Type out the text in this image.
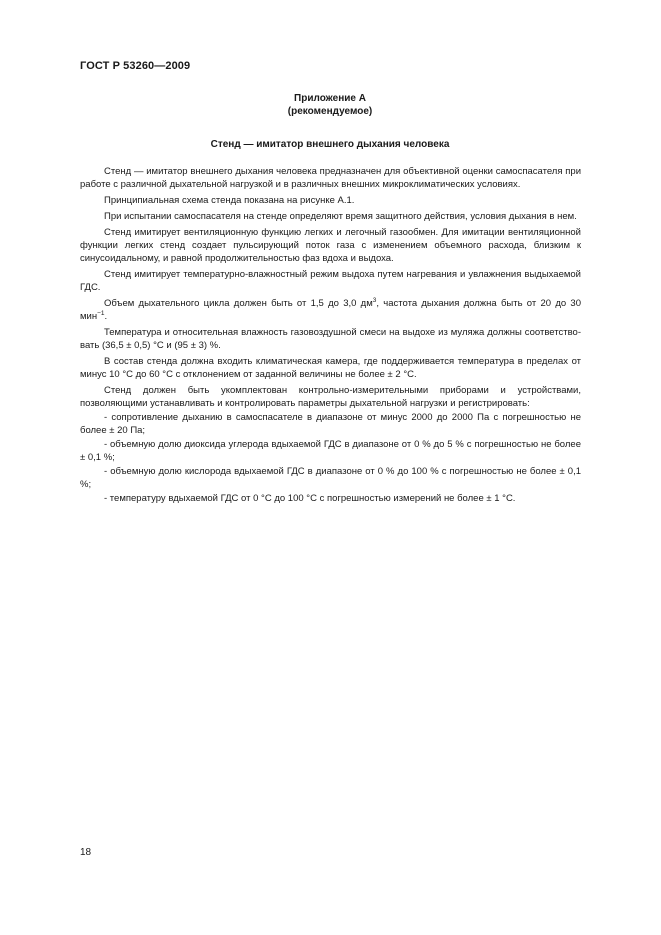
ГОСТ Р 53260—2009
Приложение А
(рекомендуемое)
Стенд — имитатор внешнего дыхания человека

Стенд — имитатор внешнего дыхания человека предназначен для объективной оценки самоспасателя при работе с различной дыхательной нагрузкой и в различных внешних микроклиматических условиях.

Принципиальная схема стенда показана на рисунке А.1.

При испытании самоспасателя на стенде определяют время защитного действия, условия дыхания в нем.

Стенд имитирует вентиляционную функцию легких и легочный газообмен. Для имитации вентиляционной функции легких стенд создает пульсирующий поток газа с изменением объемного расхода, близким к синусоидальному, и равной продолжительностью фаз вдоха и выдоха.

Стенд имитирует температурно-влажностный режим выдоха путем нагревания и увлажнения выдыхаемой ГДС.

Объем дыхательного цикла должен быть от 1,5 до 3,0 $дм^3$, частота дыхания должна быть от 20 до 30 мин$^{-1}$.

Температура и относительная влажность газовоздушной смеси на выдохе из муляжа должны соответствовать (36,5 ± 0,5) °С и (95 ± 3) %.

В состав стенда должна входить климатическая камера, где поддерживается температура в пределах от минус 10 °С до 60 °С с отклонением от заданной величины не более ± 2 °С.

Стенд должен быть укомплектован контрольно-измерительными приборами и устройствами, позволяющими устанавливать и контролировать параметры дыхательной нагрузки и регистрировать:

- сопротивление дыханию в самоспасателе в диапазоне от минус 2000 до 2000 Па с погрешностью не более ± 20 Па;

- объемную долю диоксида углерода вдыхаемой ГДС в диапазоне от 0 % до 5 % с погрешностью не более ± 0,1 %;

- объемную долю кислорода вдыхаемой ГДС в диапазоне от 0 % до 100 % с погрешностью не более ± 0,1 %;

- температуру вдыхаемой ГДС от 0 °С до 100 °С с погрешностью измерений не более ± 1 °С.

18
